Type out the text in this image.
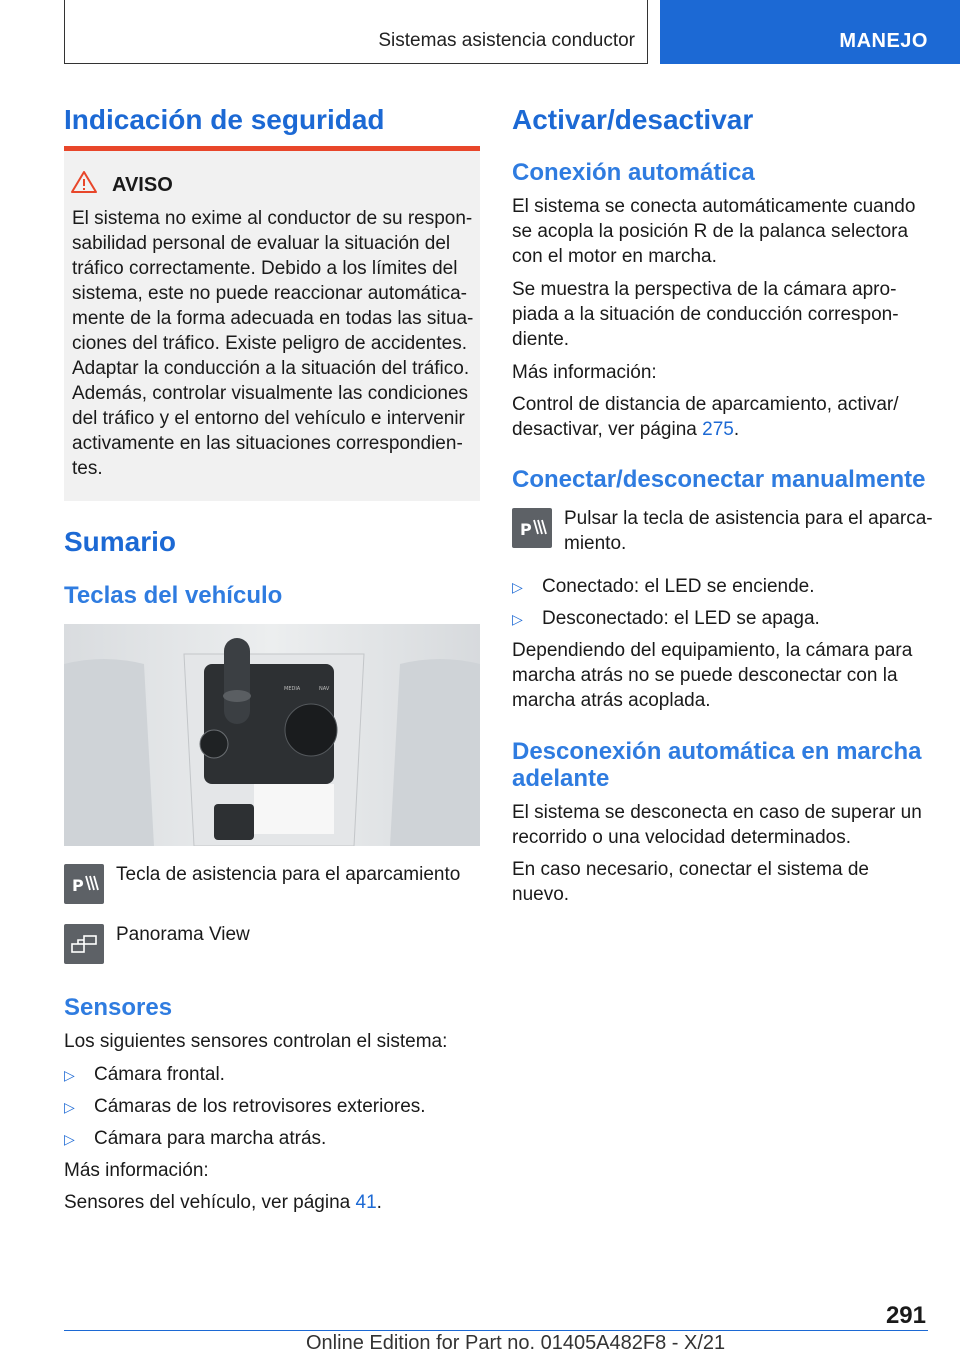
Sistemas asistencia conductor	MANEJO
Indicación de seguridad
AVISO
El sistema no exime al conductor de su respon-
sabilidad personal de evaluar la situación del
tráfico correctamente. Debido a los límites del
sistema, este no puede reaccionar automática-
mente de la forma adecuada en todas las situa-
ciones del tráfico. Existe peligro de accidentes.
Adaptar la conducción a la situación del tráfico.
Además, controlar visualmente las condiciones
del tráfico y el entorno del vehículo e intervenir
activamente en las situaciones correspondien-
tes.
Sumario
Teclas del vehículo
MEDIA	NAV
P
Tecla de asistencia para el aparcamiento
Panorama View
Sensores
Los siguientes sensores controlan el sistema:
▷ Cámara frontal.
▷ Cámaras de los retrovisores exteriores.
▷ Cámara para marcha atrás.
Más información:
Sensores del vehículo, ver página 41.
Activar/desactivar
Conexión automática
El sistema se conecta automáticamente cuando
se acopla la posición R de la palanca selectora
con el motor en marcha.
Se muestra la perspectiva de la cámara apro-
piada a la situación de conducción correspon-
diente.
Más información:
Control de distancia de aparcamiento, activar/
desactivar, ver página 275.
Conectar/desconectar manualmente
P
Pulsar la tecla de asistencia para el aparca-
miento.
▷ Conectado: el LED se enciende.
▷ Desconectado: el LED se apaga.
Dependiendo del equipamiento, la cámara para
marcha atrás no se puede desconectar con la
marcha atrás acoplada.
Desconexión automática en marcha
adelante
El sistema se desconecta en caso de superar un
recorrido o una velocidad determinados.
En caso necesario, conectar el sistema de
nuevo.
291
Online Edition for Part no. 01405A482F8 - X/21
